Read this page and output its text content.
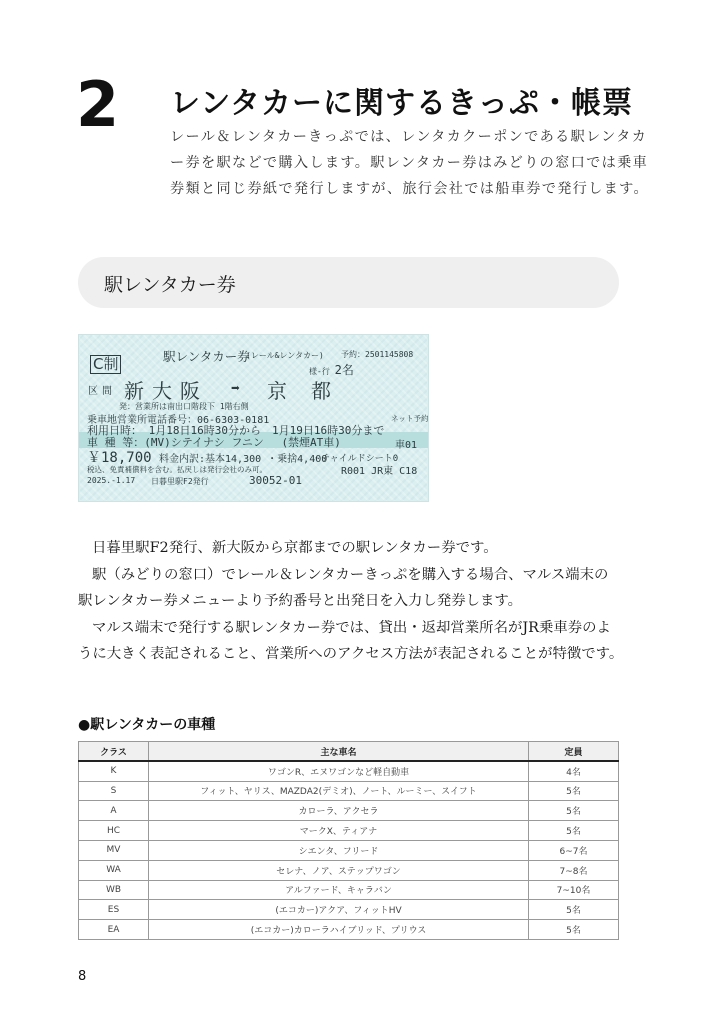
2 レンタカーに関するきっぷ・帳票

レール＆レンタカーきっぷでは、レンタカクーポンである駅レンタカ

ー券を駅などで購入します。駅レンタカー券はみどりの窓口では乗車

券類と同じ券紙で発行しますが、旅行会社では船車券で発行します。

駅レンタカー券
C制	駅レンタカー券
(レール&レンタカー) 予約：2501145808
様-行 2名
区間 新大阪 ➡ 京都
発：営業所は南出口階段下 1階右側
乗車地営業所電話番号：06-6303-0181	ネット予約
利用日時： 1月18日16時30分から　1月19日16時30分まで
車 種 等：(MV)シテイナシ フニン　 (禁煙AT車)	車01
￥18,700 料金内訳:基本14,300 ・乗捨4,400
・チャイルドシート0
税込、免責補償料を含む。払戻しは発行会社のみ可。	R001 JR東 C18
2025.-1.17 日暮里駅F2発行	30052-01

日暮里駅F2発行、新大阪から京都までの駅レンタカー券です。

駅（みどりの窓口）でレール＆レンタカーきっぷを購入する場合、マルス端末の

駅レンタカー券メニューより予約番号と出発日を入力し発券します。

マルス端末で発行する駅レンタカー券では、貸出・返却営業所名がJR乗車券のよ

うに大きく表記されること、営業所へのアクセス方法が表記されることが特徴です。

●駅レンタカーの車種
クラス	主な車名	定員
K	ワゴンR、エヌワゴンなど軽自動車	4名
S	フィット、ヤリス、MAZDA2(デミオ)、ノート、ルーミー、スイフト	5名
A	カローラ、アクセラ	5名
HC	マークX、ティアナ	5名
MV	シエンタ、フリード	6~7名
WA	セレナ、ノア、ステップワゴン	7~8名
WB	アルファード、キャラバン	7~10名
ES	(エコカー)アクア、フィットHV	5名
EA	(エコカー)カローラハイブリッド、プリウス	5名
8
